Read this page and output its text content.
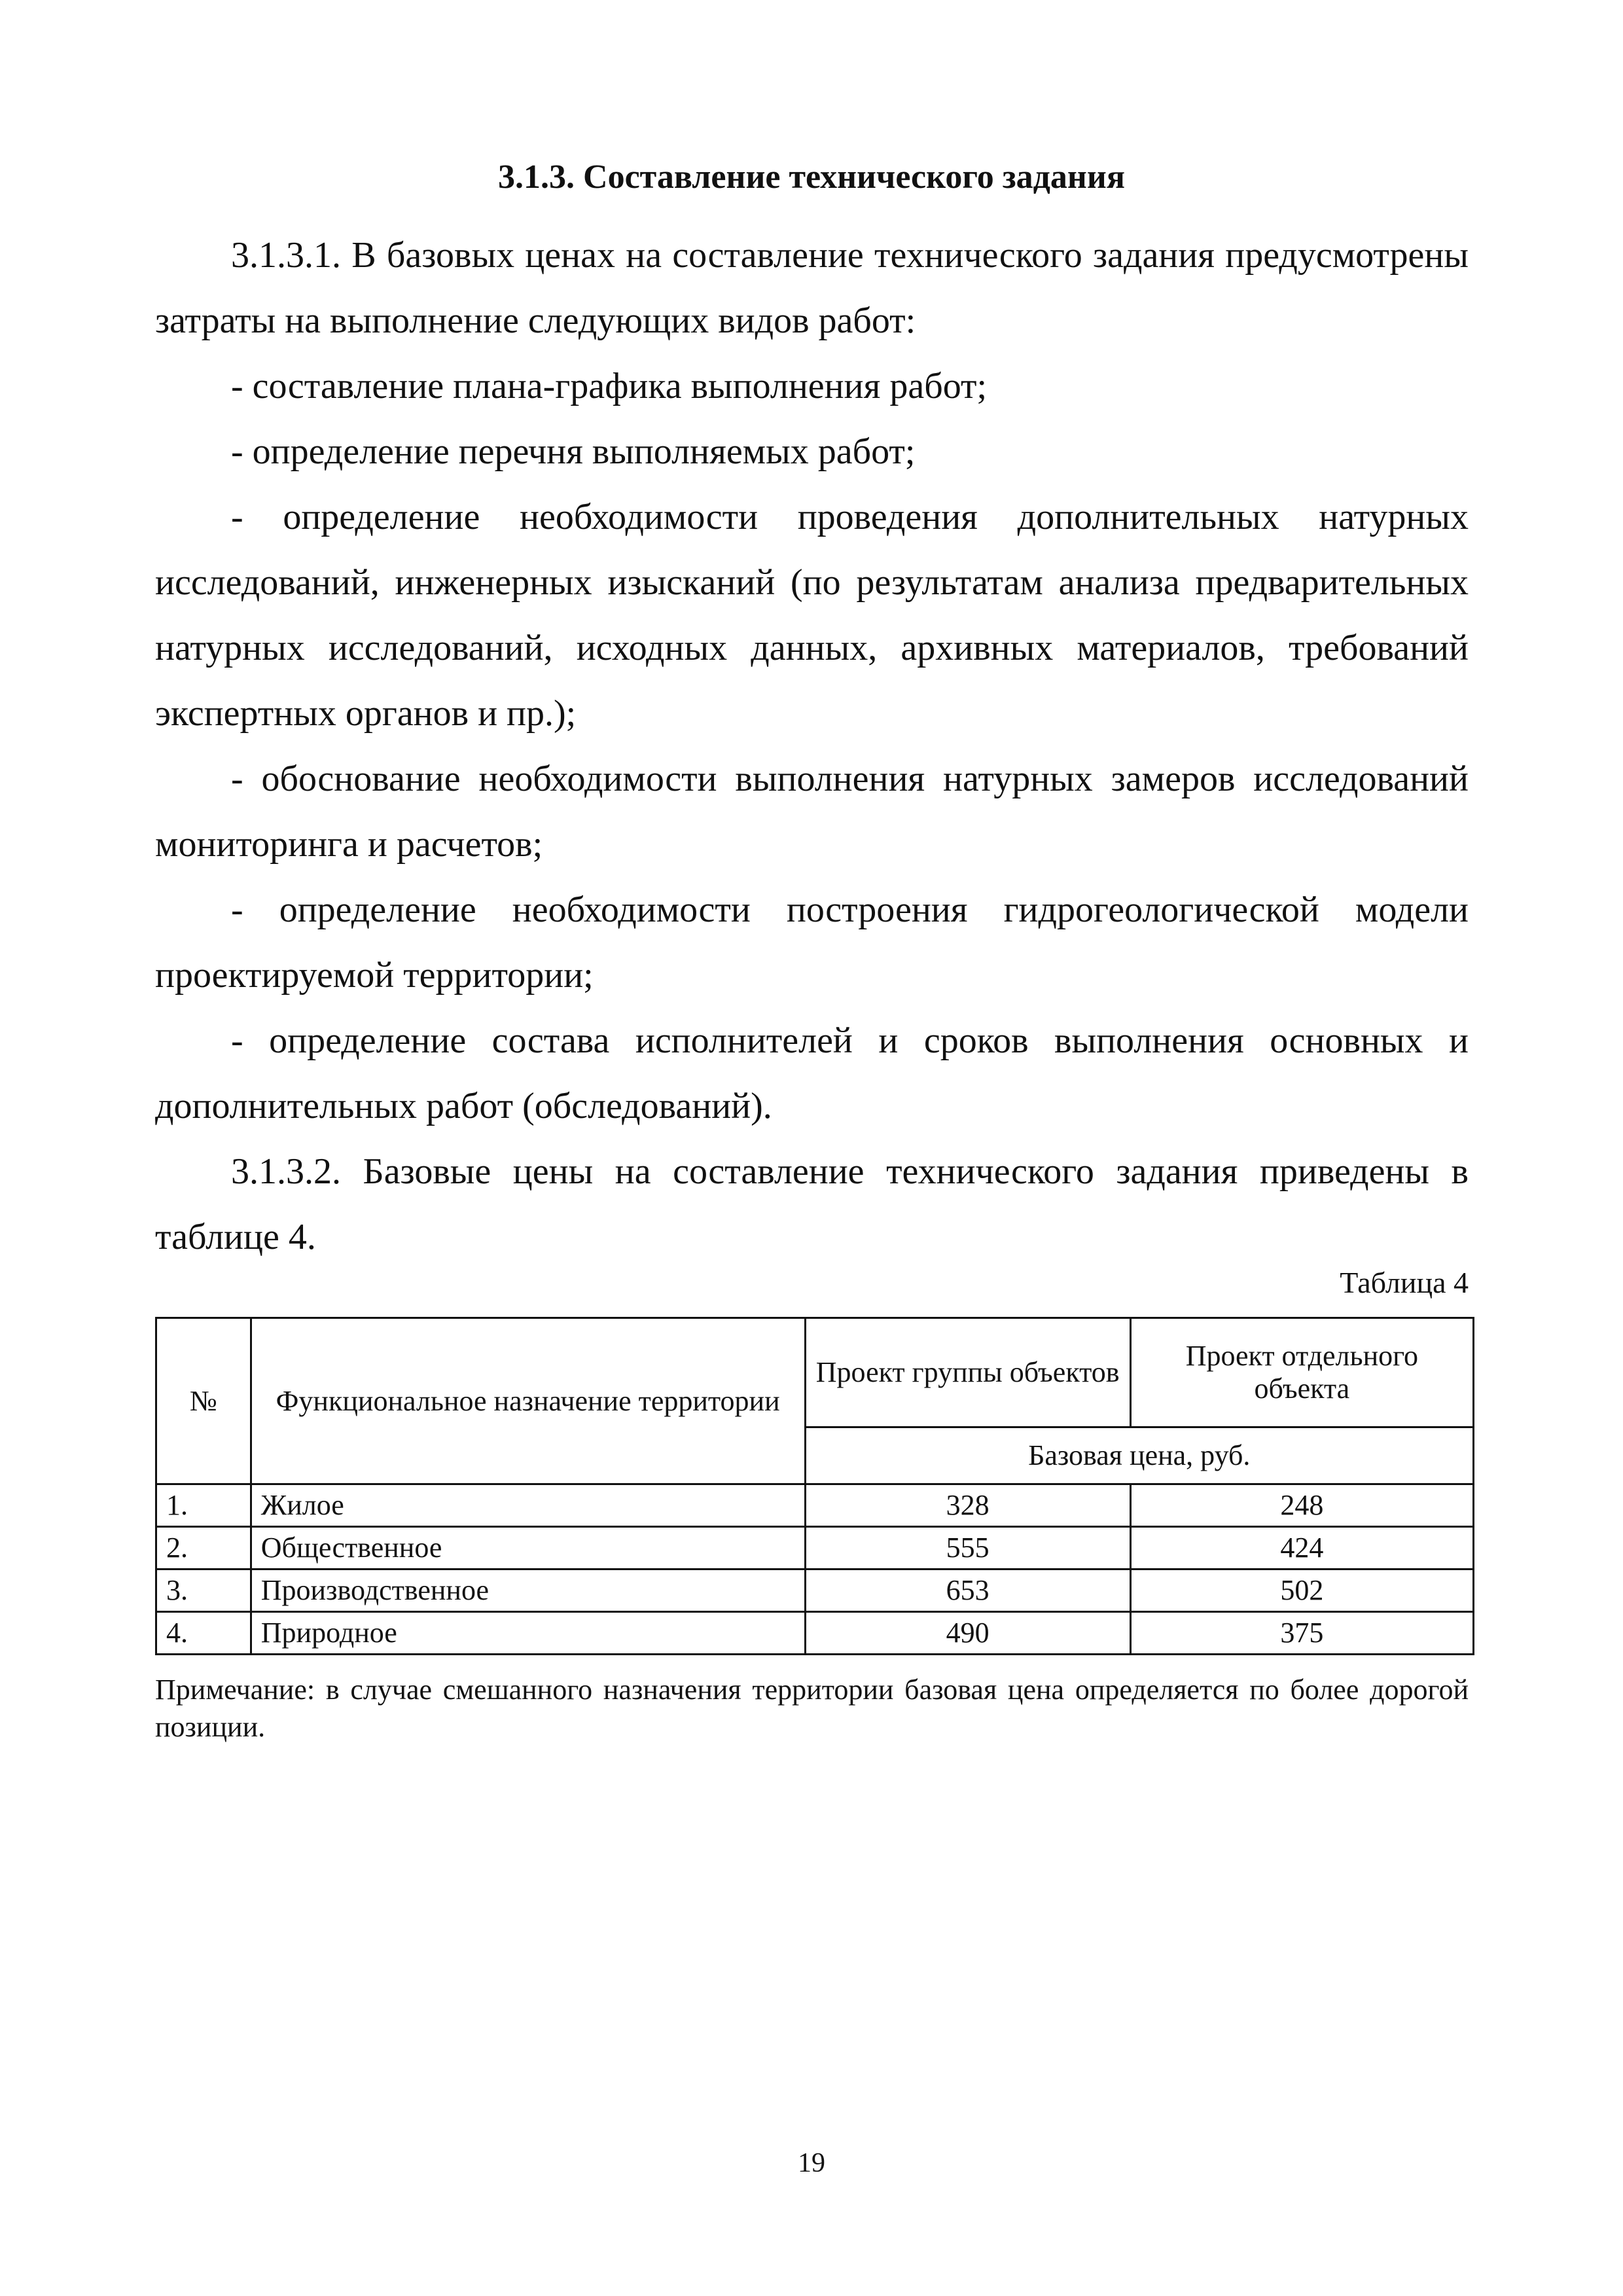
3.1.3. Составление технического задания

3.1.3.1. В базовых ценах на составление технического задания предусмотрены затраты на выполнение следующих видов работ:

- составление плана-графика выполнения работ;

- определение перечня выполняемых работ;

- определение необходимости проведения дополнительных натурных исследований, инженерных изысканий (по результатам анализа предварительных натурных исследований, исходных данных, архивных материалов, требований экспертных органов и пр.);

- обоснование необходимости выполнения натурных замеров исследований мониторинга и расчетов;

- определение необходимости построения гидрогеологической модели проектируемой территории;

- определение состава исполнителей и сроков выполнения основных и дополнительных работ (обследований).

3.1.3.2. Базовые цены на составление технического задания приведены в таблице 4.

Таблица 4
№	Функциональное назначение территории	Проект группы объектов	Проект отдельного объекта
		Базовая цена, руб.	
1.	Жилое	328	248
2.	Общественное	555	424
3.	Производственное	653	502
4.	Природное	490	375

Примечание: в случае смешанного назначения территории базовая цена определяется по более дорогой позиции.

19
